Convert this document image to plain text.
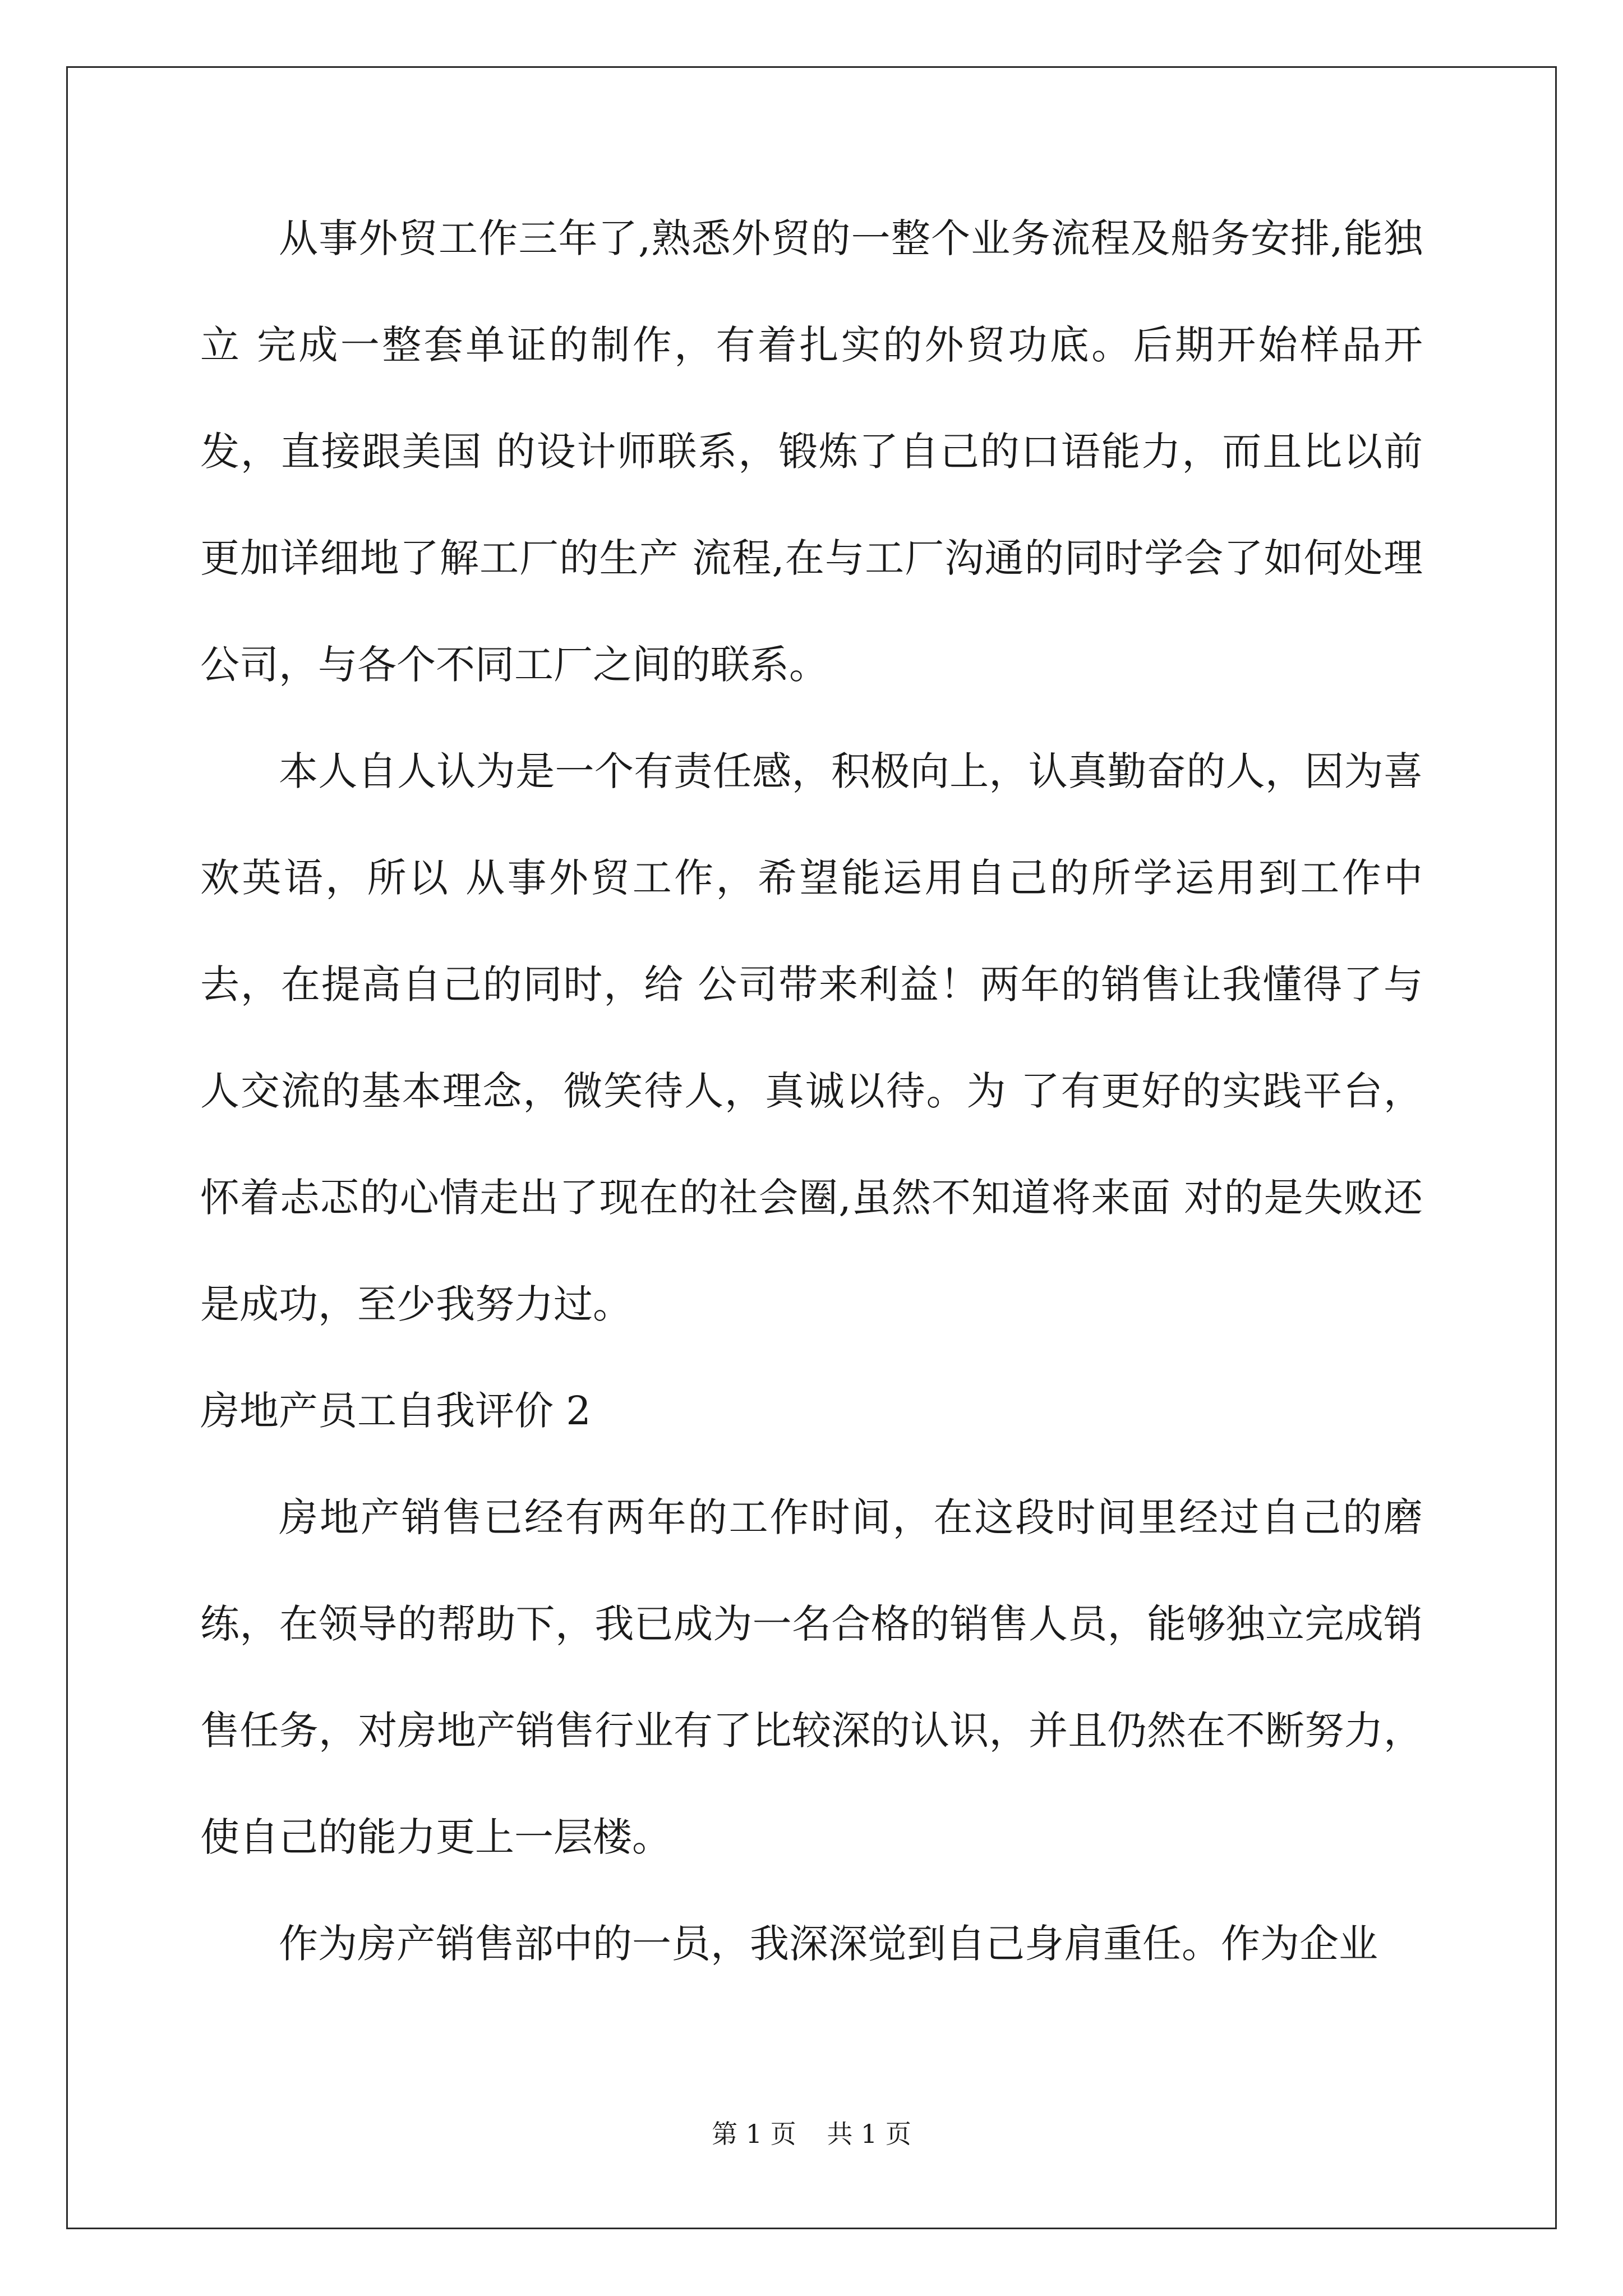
从事外贸工作三年了,熟悉外贸的一整个业务流程及船务安排,能独立 完成一整套单证的制作，有着扎实的外贸功底。后期开始样品开发，直接跟美国 的设计师联系，锻炼了自己的口语能力，而且比以前更加详细地了解工厂的生产 流程,在与工厂沟通的同时学会了如何处理公司，与各个不同工厂之间的联系。

本人自人认为是一个有责任感，积极向上，认真勤奋的人，因为喜欢英语，所以 从事外贸工作，希望能运用自己的所学运用到工作中去，在提高自己的同时，给 公司带来利益！两年的销售让我懂得了与人交流的基本理念，微笑待人，真诚以待。为 了有更好的实践平台，怀着忐忑的心情走出了现在的社会圈,虽然不知道将来面 对的是失败还是成功，至少我努力过。

房地产员工自我评价 2

房地产销售已经有两年的工作时间，在这段时间里经过自己的磨练，在领导的帮助下，我已成为一名合格的销售人员，能够独立完成销售任务，对房地产销售行业有了比较深的认识，并且仍然在不断努力，使自己的能力更上一层楼。

作为房产销售部中的一员，我深深觉到自己身肩重任。作为企业

第 1 页 共 1 页
